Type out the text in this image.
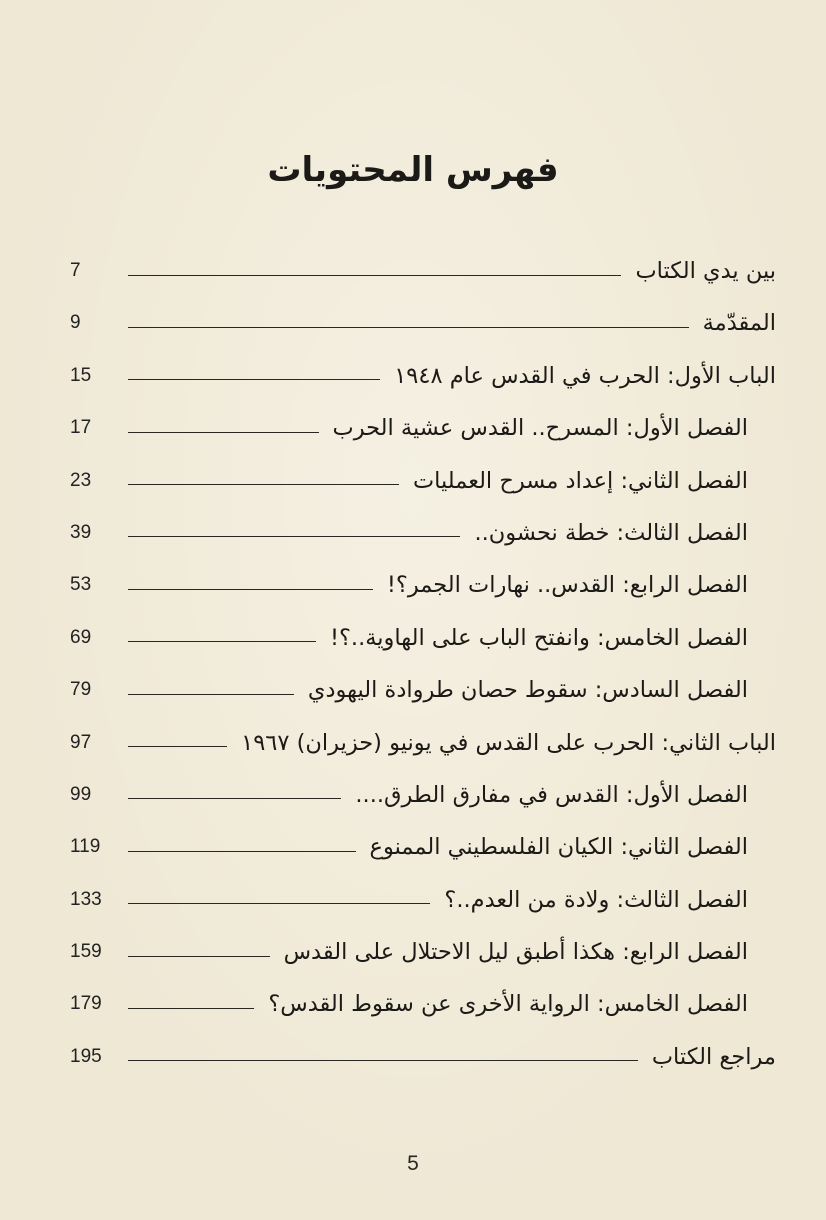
فهرس المحتويات
7	بين يدي الكتاب
9	المقدّمة
15	الباب الأول: الحرب في القدس عام ١٩٤٨
17	الفصل الأول: المسرح.. القدس عشية الحرب
23	الفصل الثاني: إعداد مسرح العمليات
39	الفصل الثالث: خطة نحشون..
53	الفصل الرابع: القدس.. نهارات الجمر؟!
69	الفصل الخامس: وانفتح الباب على الهاوية..؟!
79	الفصل السادس: سقوط حصان طروادة اليهودي
97	الباب الثاني: الحرب على القدس في يونيو (حزيران) ١٩٦٧
99	الفصل الأول: القدس في مفارق الطرق....
119	الفصل الثاني: الكيان الفلسطيني الممنوع
133	الفصل الثالث: ولادة من العدم..؟
159	الفصل الرابع: هكذا أطبق ليل الاحتلال على القدس
179	الفصل الخامس: الرواية الأخرى عن سقوط القدس؟
195	مراجع الكتاب
5
